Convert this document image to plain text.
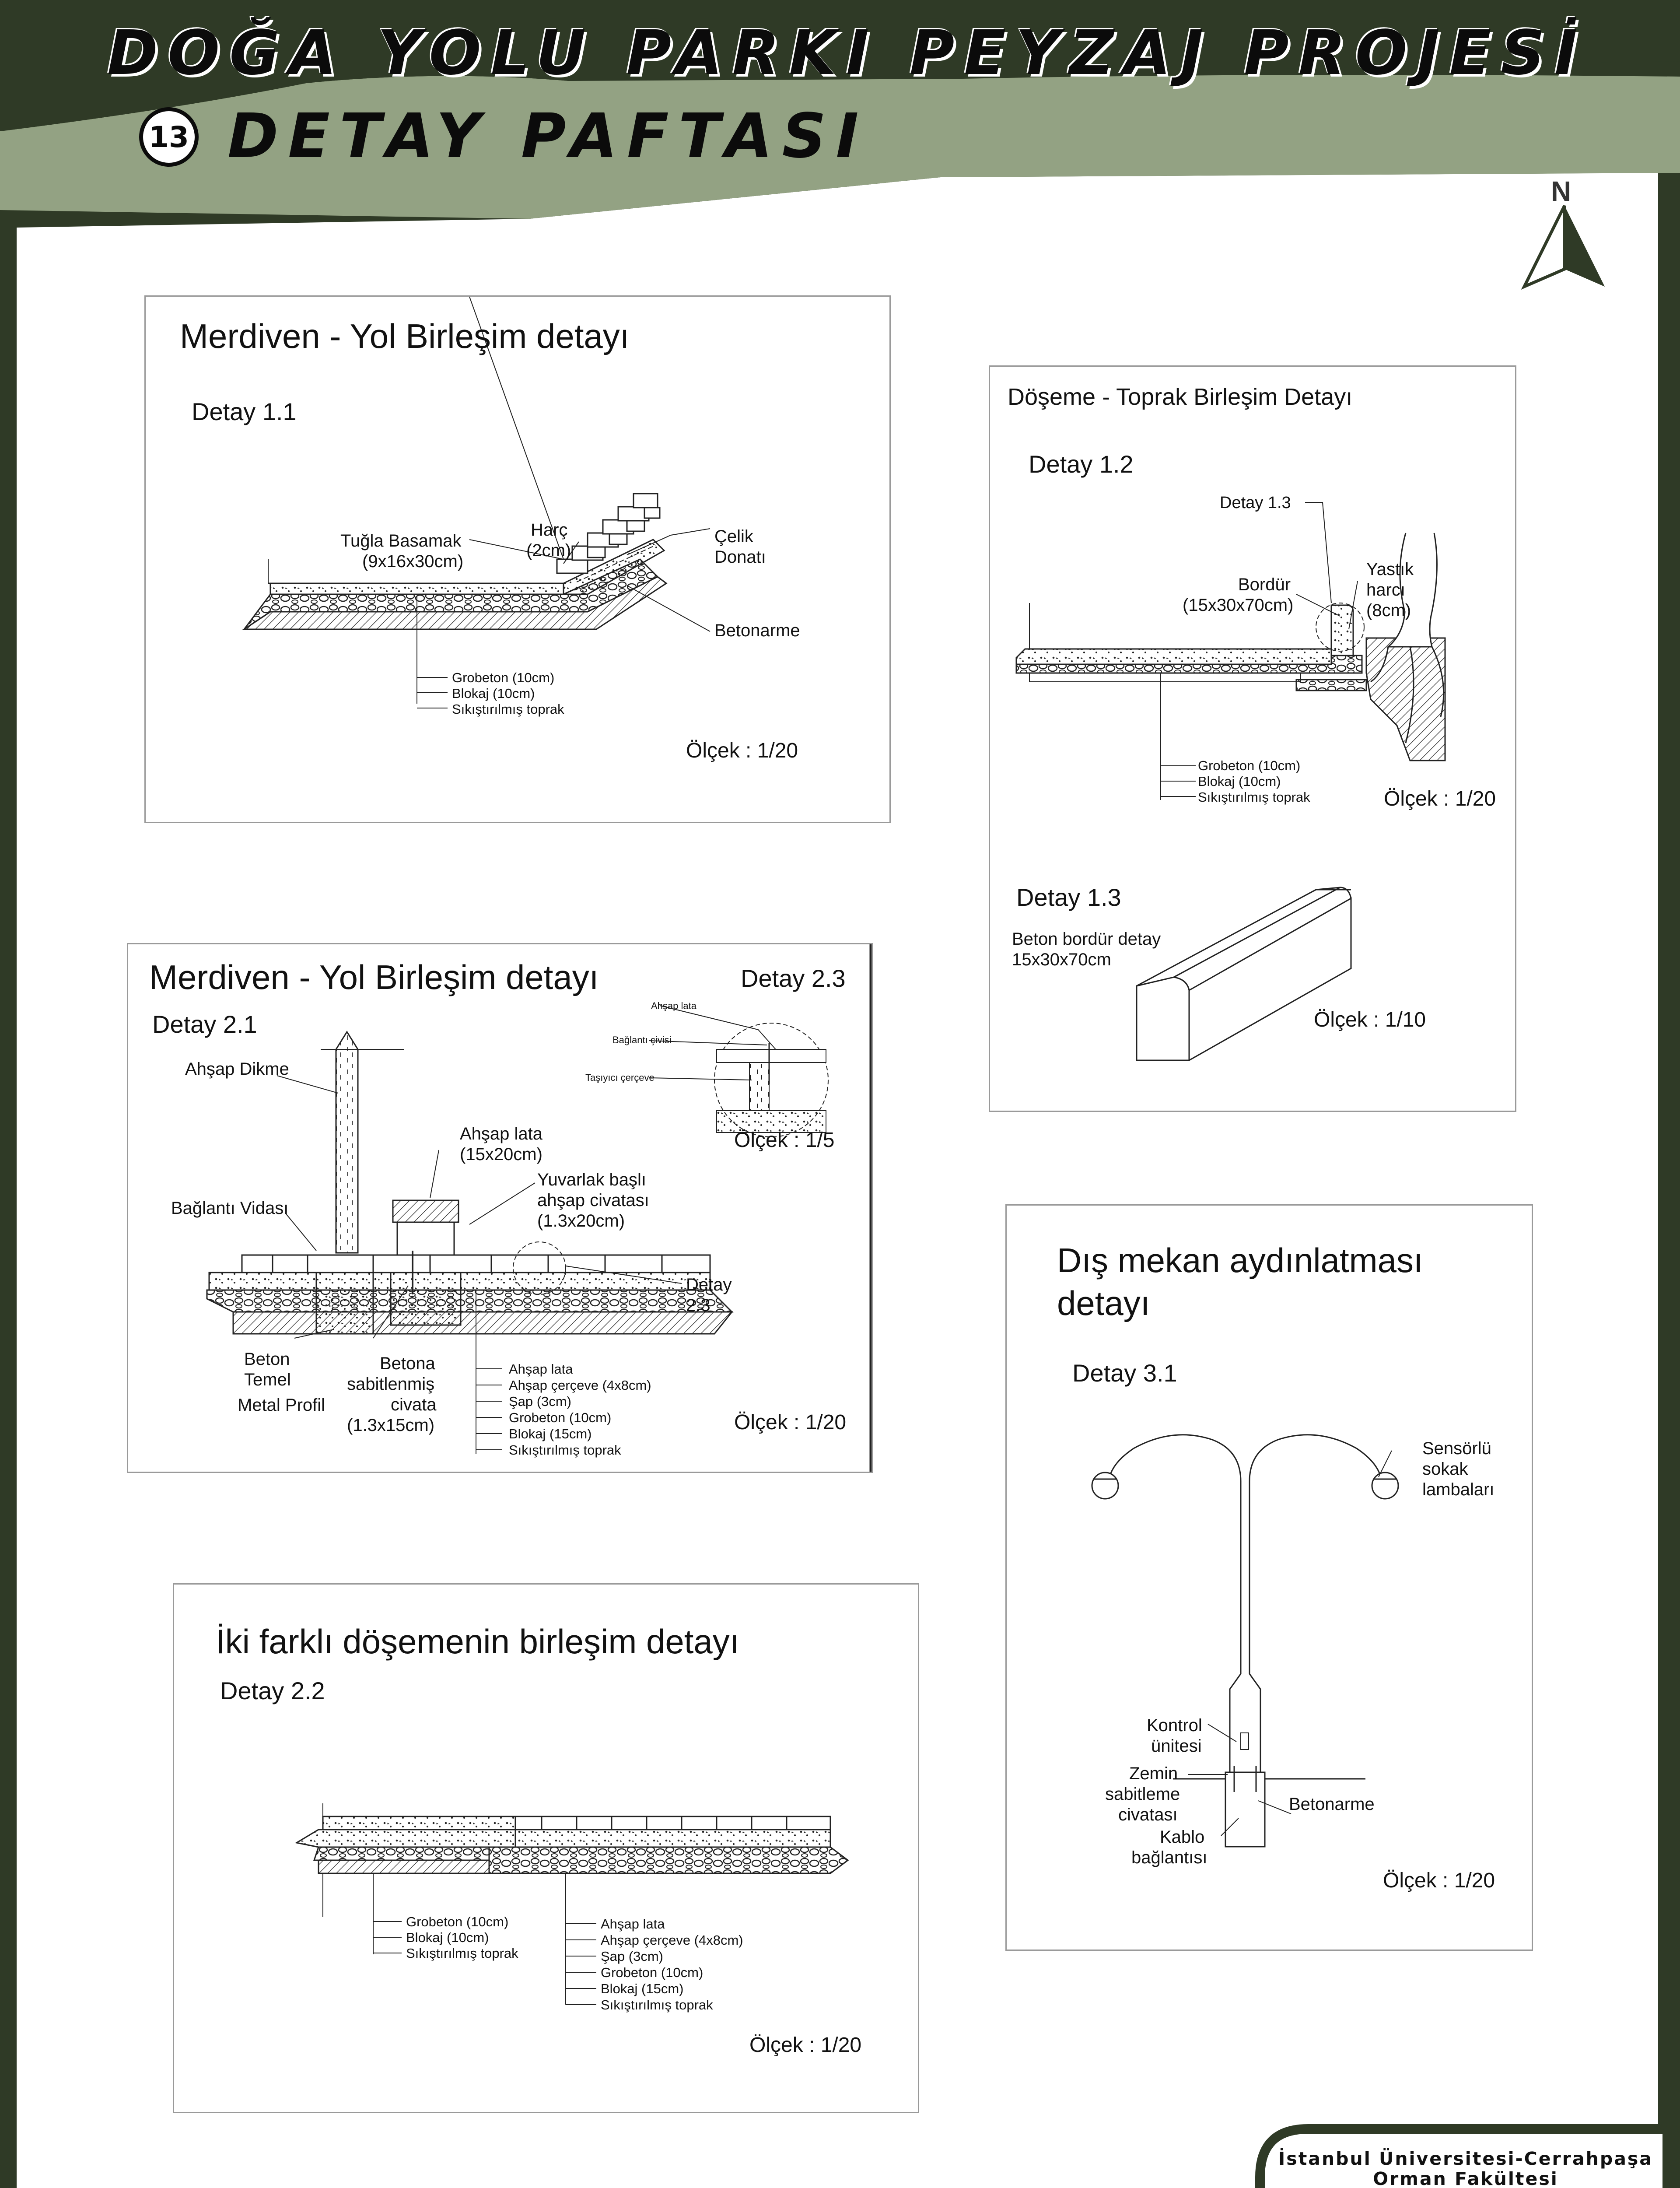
DOĞA YOLU PARKI PEYZAJ PROJESİ
13 DETAY PAFTASI
N
Merdiven - Yol Birleşim detayı
Detay 1.1
Tuğla Basamak
(9x16x30cm)
Harç
(2cm)
Çelik
Donatı
Betonarme
Grobeton (10cm)
Blokaj (10cm)
Sıkıştırılmış toprak
Ölçek : 1/20
Döşeme - Toprak Birleşim Detayı
Detay 1.2
Detay 1.3
Bordür
(15x30x70cm)
Yastık
harcı
(8cm)
Grobeton (10cm)
Blokaj (10cm)
Sıkıştırılmış toprak	Ölçek : 1/20
Detay 1.3
Beton bordür detay
15x30x70cm
Ölçek : 1/10
Merdiven - Yol Birleşim detayı
Detay 2.1
Detay 2.3
Ahşap lata
Bağlantı çivisi
Taşıyıcı çerçeve
Ölçek : 1/5
Ahşap Dikme
Ahşap lata
(15x20cm)
Yuvarlak başlı
ahşap civatası
(1.3x20cm)
Bağlantı Vidası
Detay
2.3
Beton
Temel
Metal Profil
Betona
sabitlenmiş
civata
(1.3x15cm)
Ahşap lata
Ahşap çerçeve (4x8cm)
Şap (3cm)
Grobeton (10cm)
Blokaj (15cm)
Sıkıştırılmış toprak
Ölçek : 1/20
İki farklı döşemenin birleşim detayı
Detay 2.2
Grobeton (10cm)
Blokaj (10cm)
Sıkıştırılmış toprak
Ahşap lata
Ahşap çerçeve (4x8cm)
Şap (3cm)
Grobeton (10cm)
Blokaj (15cm)
Sıkıştırılmış toprak
Ölçek : 1/20
Dış mekan aydınlatması
detayı
Detay 3.1
Sensörlü
sokak
lambaları
Kontrol
ünitesi
Zemin
sabitleme
civatası
Betonarme
Kablo
bağlantısı
Ölçek : 1/20
İstanbul Üniversitesi-Cerrahpaşa
Orman Fakültesi
